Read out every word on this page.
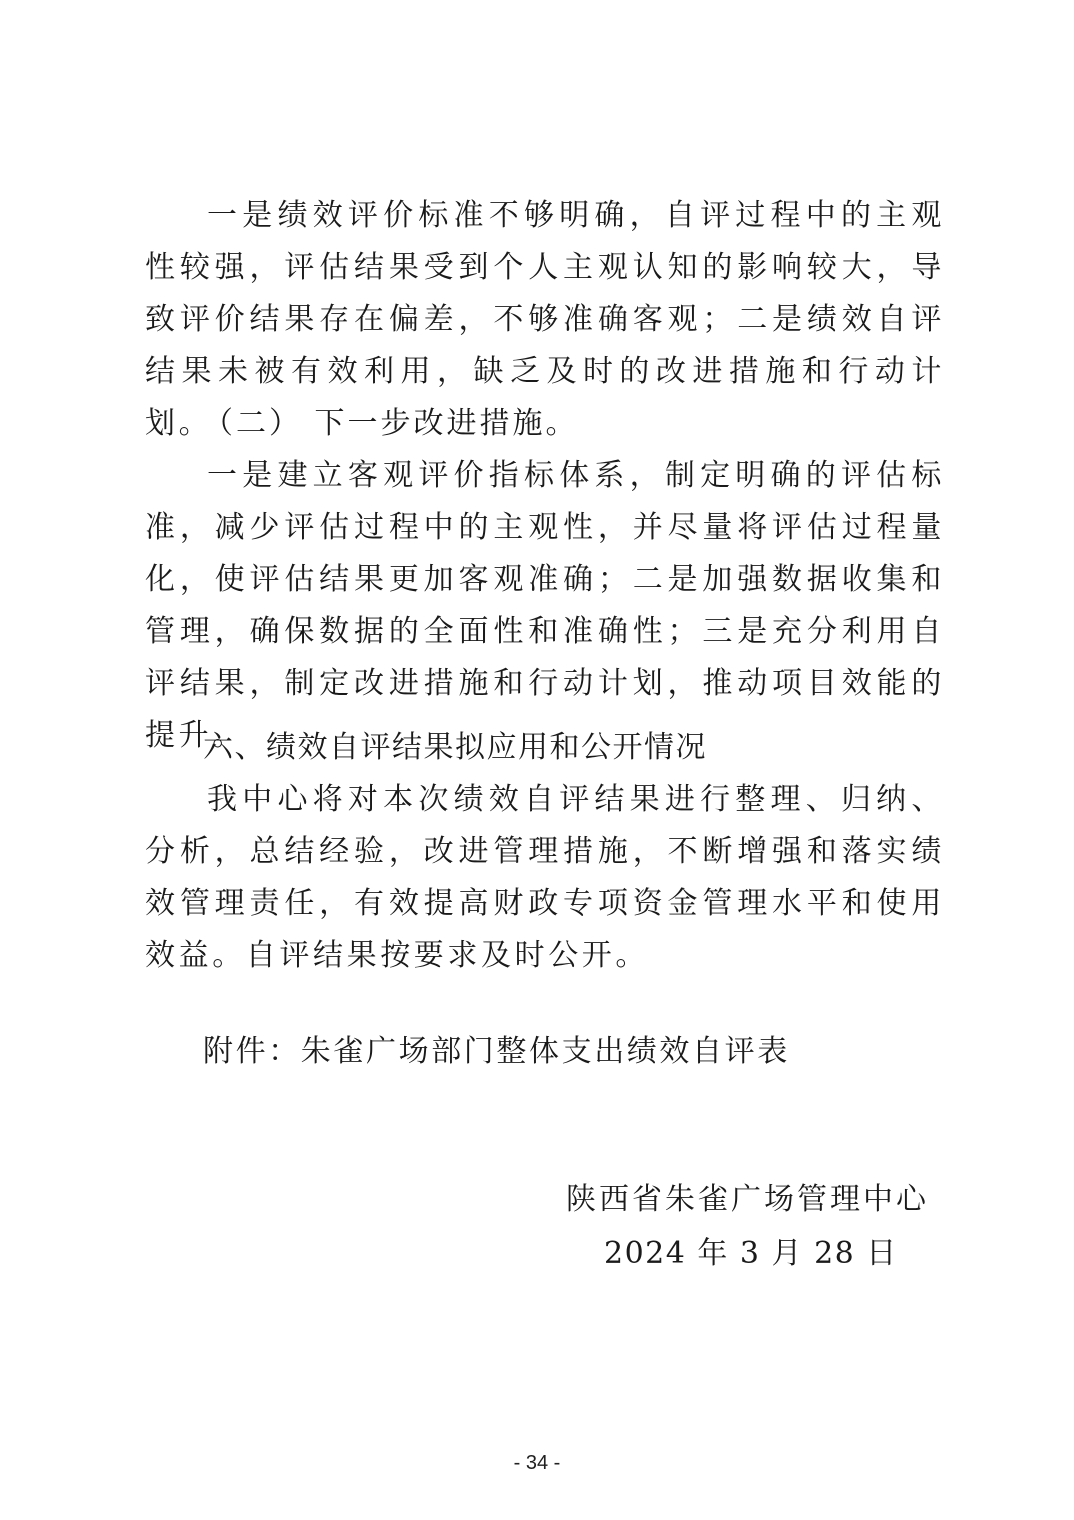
一是绩效评价标准不够明确，自评过程中的主观性较强，评估结果受到个人主观认知的影响较大，导致评价结果存在偏差，不够准确客观；二是绩效自评结果未被有效利用，缺乏及时的改进措施和行动计划。

（二） 下一步改进措施。

一是建立客观评价指标体系，制定明确的评估标准，减少评估过程中的主观性，并尽量将评估过程量化，使评估结果更加客观准确；二是加强数据收集和管理，确保数据的全面性和准确性；三是充分利用自评结果，制定改进措施和行动计划，推动项目效能的提升。

六、绩效自评结果拟应用和公开情况

我中心将对本次绩效自评结果进行整理、归纳、分析，总结经验，改进管理措施，不断增强和落实绩效管理责任，有效提高财政专项资金管理水平和使用效益。自评结果按要求及时公开。

附件：朱雀广场部门整体支出绩效自评表

陕西省朱雀广场管理中心
2024 年 3 月 28 日
- 34 -
